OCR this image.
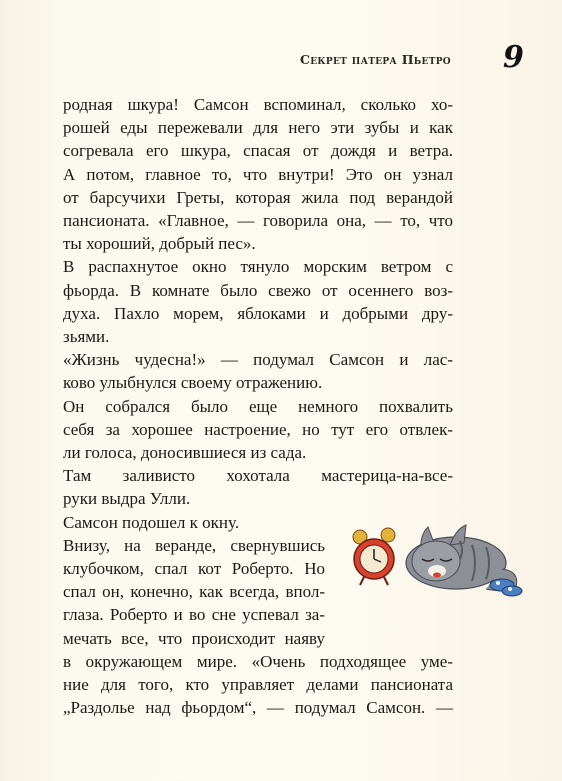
Секрет патера Пьетро 9
родная шкура! Самсон вспоминал, сколько хо-
рошей еды пережевали для него эти зубы и как
согревала его шкура, спасая от дождя и ветра.
А потом, главное то, что внутри! Это он узнал
от барсучихи Греты, которая жила под верандой
пансионата. «Главное, — говорила она, — то, что
ты хороший, добрый пес».
В распахнутое окно тянуло морским ветром с
фьорда. В комнате было свежо от осеннего воз-
духа. Пахло морем, яблоками и добрыми дру-
зьями.
«Жизнь чудесна!» — подумал Самсон и лас-
ково улыбнулся своему отражению.
Он собрался было еще немного похвалить
себя за хорошее настроение, но тут его отвлек-
ли голоса, доносившиеся из сада.
Там заливисто хохотала мастерица-на-все-
руки выдра Улли.
Самсон подошел к окну.
Внизу, на веранде, свернувшись
клубочком, спал кот Роберто. Но
спал он, конечно, как всегда, впол-
глаза. Роберто и во сне успевал за-
мечать все, что происходит наяву
в окружающем мире. «Очень подходящее уме-
ние для того, кто управляет делами пансионата
„Раздолье над фьордом“, — подумал Самсон. —
